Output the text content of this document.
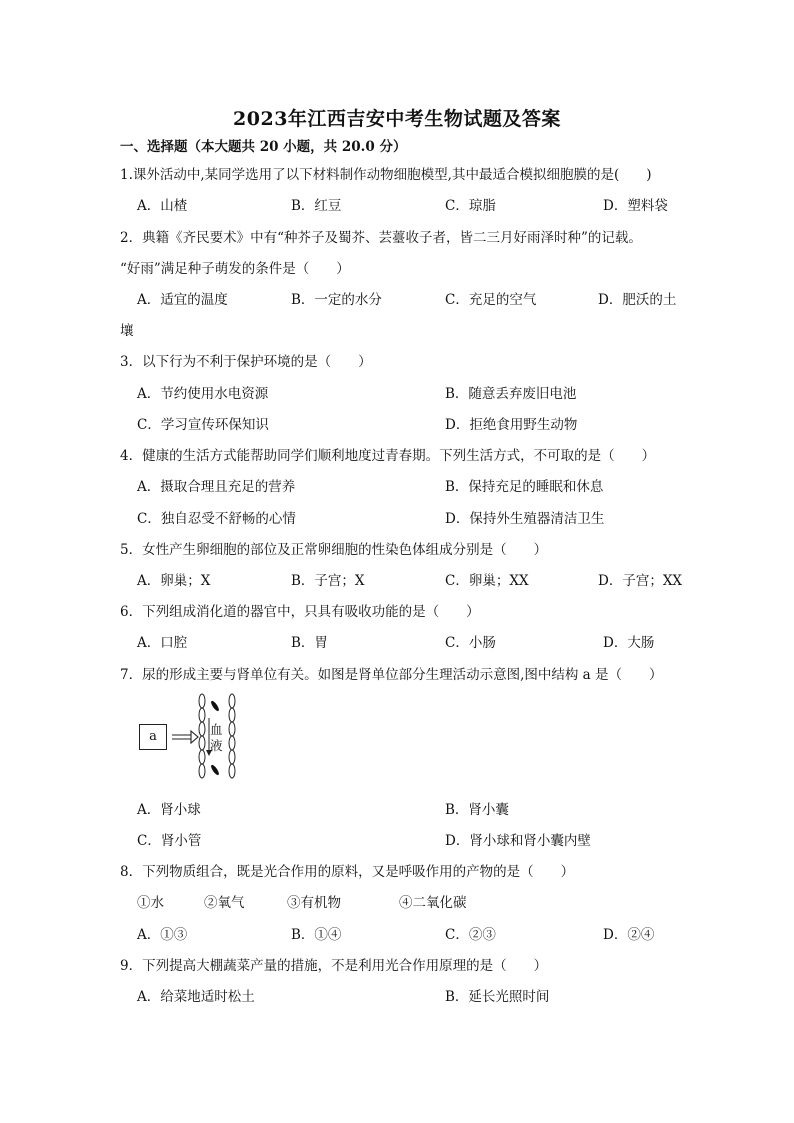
2023年江西吉安中考生物试题及答案
一、选择题（本大题共 20 小题，共 20.0 分）
1.课外活动中,某同学选用了以下材料制作动物细胞模型,其中最适合模拟细胞膜的是(　　)
A．山楂	B．红豆	C．琼脂	D．塑料袋
2．典籍《齐民要术》中有“种芥子及蜀芥、芸薹收子者，皆二三月好雨泽时种”的记载。
“好雨”满足种子萌发的条件是（　　）
A．适宜的温度	B．一定的水分	C．充足的空气	D．肥沃的土
壤
3．以下行为不利于保护环境的是（　　）
A．节约使用水电资源	B．随意丢弃废旧电池
C．学习宣传环保知识	D．拒绝食用野生动物
4．健康的生活方式能帮助同学们顺利地度过青春期。下列生活方式，不可取的是（　　）
A．摄取合理且充足的营养	B．保持充足的睡眠和休息
C．独自忍受不舒畅的心情	D．保持外生殖器清洁卫生
5．女性产生卵细胞的部位及正常卵细胞的性染色体组成分别是（　　）
A．卵巢；X	B．子宫；X	C．卵巢；XX	D．子宫；XX
6．下列组成消化道的器官中，只具有吸收功能的是（　　）
A．口腔	B．胃	C．小肠	D．大肠
7．尿的形成主要与肾单位有关。如图是肾单位部分生理活动示意图,图中结构 a 是（　　）
a	血
液
A．肾小球	B．肾小囊
C．肾小管	D．肾小球和肾小囊内壁
8．下列物质组合，既是光合作用的原料，又是呼吸作用的产物的是（　　）
①水	②氧气	③有机物	④二氧化碳
A．①③	B．①④	C．②③	D．②④
9．下列提高大棚蔬菜产量的措施，不是利用光合作用原理的是（　　）
A．给菜地适时松土	B．延长光照时间
